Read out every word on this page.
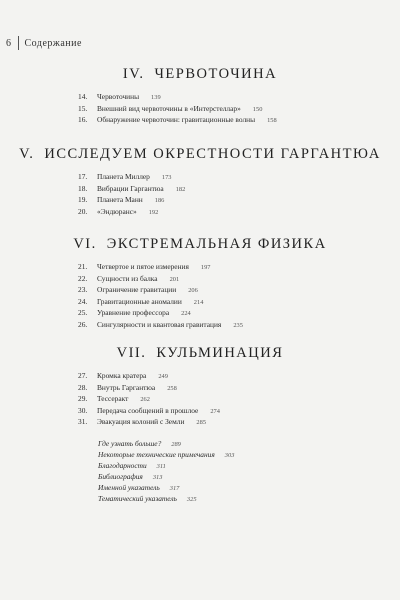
6 Содержание
IV. ЧЕРВОТОЧИНА
14.	Червоточины 139
15.	Внешний вид червоточины в «Интерстеллар» 150
16.	Обнаружение червоточин: гравитационные волны 158
V. ИССЛЕДУЕМ ОКРЕСТНОСТИ ГАРГАНТЮА
17.	Планета Миллер 173
18.	Вибрации Гаргантюа 182
19.	Планета Манн 186
20.	«Эндюранс» 192
VI. ЭКСТРЕМАЛЬНАЯ ФИЗИКА
21.	Четвертое и пятое измерения 197
22.	Сущности из балка 201
23.	Ограничение гравитации 206
24.	Гравитационные аномалии 214
25.	Уравнение профессора 224
26.	Сингулярности и квантовая гравитация 235
VII. КУЛЬМИНАЦИЯ
27.	Кромка кратера 249
28.	Внутрь Гаргантюа 258
29.	Тессеракт 262
30.	Передача сообщений в прошлое 274
31.	Эвакуация колоний с Земли 285
Где узнать больше? 289
Некоторые технические примечания 303
Благодарности 311
Библиография 313
Именной указатель 317
Тематический указатель 325
